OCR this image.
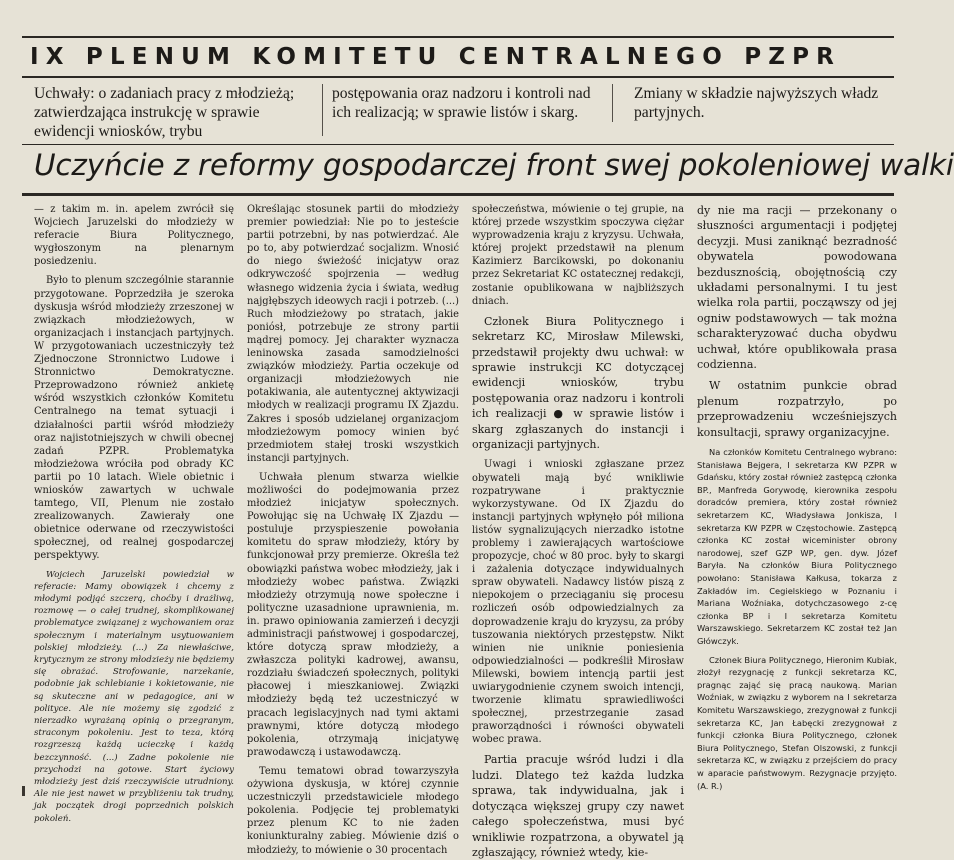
IX PLENUM KOMITETU CENTRALNEGO PZPR
Uchwały: o zadaniach pracy z młodzieżą; zatwierdzająca instrukcję w sprawie ewidencji wniosków, trybu
postępowania oraz nadzoru i kontroli nad ich realizacją; w sprawie listów i skarg.
Zmiany w składzie najwyższych władz partyjnych.
Uczyńcie z reformy gospodarczej front swej pokoleniowej walki

— z takim m. in. apelem zwrócił się Wojciech Jaruzelski do młodzieży w referacie Biura Politycznego, wygłoszonym na plenarnym posiedzeniu.

Było to plenum szczególnie starannie przygotowane. Poprzedziła je szeroka dyskusja wśród młodzieży zrzeszonej w związkach młodzieżowych, w organizacjach i instancjach partyjnych. W przygotowaniach uczestniczyły też Zjednoczone Stronnictwo Ludowe i Stronnictwo Demokratyczne. Przeprowadzono również ankietę wśród wszystkich członków Komitetu Centralnego na temat sytuacji i działalności partii wśród młodzieży oraz najistotniejszych w chwili obecnej zadań PZPR. Problematyka młodzieżowa wróciła pod obrady KC partii po 10 latach. Wiele obietnic i wniosków zawartych w uchwale tamtego, VII, Plenum nie zostało zrealizowanych. Zawierały one obietnice oderwane od rzeczywistości społecznej, od realnej gospodarczej perspektywy.

Wojciech Jaruzelski powiedział w referacie: Mamy obowiązek i chcemy z młodymi podjąć szczerą, choćby i drażliwą, rozmowę — o całej trudnej, skomplikowanej problematyce związanej z wychowaniem oraz społecznym i materialnym usytuowaniem polskiej młodzieży. (...) Za niewłaściwe, krytycznym ze strony młodzieży nie będziemy się obrażać. Strofowanie, narzekanie, podobnie jak schlebianie i kokietowanie, nie są skuteczne ani w pedagogice, ani w polityce. Ale nie możemy się zgodzić z nierzadko wyrażaną opinią o przegranym, straconym pokoleniu. Jest to teza, którą rozgrzeszą każdą ucieczkę i każdą bezczynność. (...) Zadne pokolenie nie przychodzi na gotowe. Start życiowy młodzieży jest dziś rzeczywiście utrudniony. Ale nie jest nawet w przybliżeniu tak trudny, jak początek drogi poprzednich polskich pokoleń.

Określając stosunek partii do młodzieży premier powiedział: Nie po to jesteście partii potrzebni, by nas potwierdzać. Ale po to, aby potwierdzać socjalizm. Wnosić do niego świeżość inicjatyw oraz odkrywczość spojrzenia — według własnego widzenia życia i świata, według najgłębszych ideowych racji i potrzeb. (...) Ruch młodzieżowy po stratach, jakie poniósł, potrzebuje ze strony partii mądrej pomocy. Jej charakter wyznacza leninowska zasada samodzielności związków młodzieży. Partia oczekuje od organizacji młodzieżowych nie potakiwania, ale autentycznej aktywizacji młodych w realizacji programu IX Zjazdu. Zakres i sposób udzielanej organizacjom młodzieżowym pomocy winien być przedmiotem stałej troski wszystkich instancji partyjnych.

Uchwała plenum stwarza wielkie możliwości do podejmowania przez młodzież inicjatyw społecznych. Powołując się na Uchwałę IX Zjazdu — postuluje przyspieszenie powołania komitetu do spraw młodzieży, który by funkcjonował przy premierze. Określa też obowiązki państwa wobec młodzieży, jak i młodzieży wobec państwa. Związki młodzieży otrzymują nowe społeczne i polityczne uzasadnione uprawnienia, m. in. prawo opiniowania zamierzeń i decyzji administracji państwowej i gospodarczej, które dotyczą spraw młodzieży, a zwłaszcza polityki kadrowej, awansu, rozdziału świadczeń społecznych, polityki płacowej i mieszkaniowej. Związki młodzieży będą też uczestniczyć w pracach legislacyjnych nad tymi aktami prawnymi, które dotyczą młodego pokolenia, otrzymają inicjatywę prawodawczą i ustawodawczą.

Temu tematowi obrad towarzyszyła ożywiona dyskusja, w której czynnie uczestniczyli przedstawiciele młodego pokolenia. Podjęcie tej problematyki przez plenum KC to nie żaden koniunkturalny zabieg. Mówienie dziś o młodzieży, to mówienie o 30 procentach

społeczeństwa, mówienie o tej grupie, na której przede wszystkim spoczywa ciężar wyprowadzenia kraju z kryzysu. Uchwała, której projekt przedstawił na plenum Kazimierz Barcikowski, po dokonaniu przez Sekretariat KC ostatecznej redakcji, zostanie opublikowana w najbliższych dniach.

Członek Biura Politycznego i sekretarz KC, Mirosław Milewski, przedstawił projekty dwu uchwał: w sprawie instrukcji KC dotyczącej ewidencji wniosków, trybu postępowania oraz nadzoru i kontroli ich realizacji ● w sprawie listów i skarg zgłaszanych do instancji i organizacji partyjnych.

Uwagi i wnioski zgłaszane przez obywateli mają być wnikliwie rozpatrywane i praktycznie wykorzystywane. Od IX Zjazdu do instancji partyjnych wpłynęło pół miliona listów sygnalizujących nierzadko istotne problemy i zawierających wartościowe propozycje, choć w 80 proc. były to skargi i zażalenia dotyczące indywidualnych spraw obywateli. Nadawcy listów piszą z niepokojem o przeciąganiu się procesu rozliczeń osób odpowiedzialnych za doprowadzenie kraju do kryzysu, za próby tuszowania niektórych przestępstw. Nikt winien nie uniknie poniesienia odpowiedzialności — podkreślił Mirosław Milewski, bowiem intencją partii jest uwiarygodnienie czynem swoich intencji, tworzenie klimatu sprawiedliwości społecznej, przestrzeganie zasad praworządności i równości obywateli wobec prawa.

Partia pracuje wśród ludzi i dla ludzi. Dlatego też każda ludzka sprawa, tak indywidualna, jak i dotycząca większej grupy czy nawet całego społeczeństwa, musi być wnikliwie rozpatrzona, a obywatel ją zgłaszający, również wtedy, kie-

dy nie ma racji — przekonany o słuszności argumentacji i podjętej decyzji. Musi zaniknąć bezradność obywatela powodowana bezdusznością, obojętnością czy układami personalnymi. I tu jest wielka rola partii, począwszy od jej ogniw podstawowych — tak można scharakteryzować ducha obydwu uchwał, które opublikowała prasa codzienna.

W ostatnim punkcie obrad plenum rozpatrzyło, po przeprowadzeniu wcześniejszych konsultacji, sprawy organizacyjne.

Na członków Komitetu Centralnego wybrano: Stanisława Bejgera, I sekretarza KW PZPR w Gdańsku, który został również zastępcą członka BP., Manfreda Gorywodę, kierownika zespołu doradców premiera, który został również sekretarzem KC, Władysława Jonkisza, I sekretarza KW PZPR w Częstochowie. Zastępcą członka KC został wiceminister obrony narodowej, szef GZP WP, gen. dyw. Józef Baryła. Na członków Biura Politycznego powołano: Stanisława Kałkusa, tokarza z Zakładów im. Cegielskiego w Poznaniu i Mariana Woźniaka, dotychczasowego z-cę członka BP i I sekretarza Komitetu Warszawskiego. Sekretarzem KC został też Jan Główczyk.

Członek Biura Politycznego, Hieronim Kubiak, złożył rezygnację z funkcji sekretarza KC, pragnąc zająć się pracą naukową. Marian Woźniak, w związku z wyborem na I sekretarza Komitetu Warszawskiego, zrezygnował z funkcji sekretarza KC, Jan Łabęcki zrezygnował z funkcji członka Biura Politycznego, członek Biura Politycznego, Stefan Olszowski, z funkcji sekretarza KC, w związku z przejściem do pracy w aparacie państwowym. Rezygnacje przyjęto. (A. R.)
